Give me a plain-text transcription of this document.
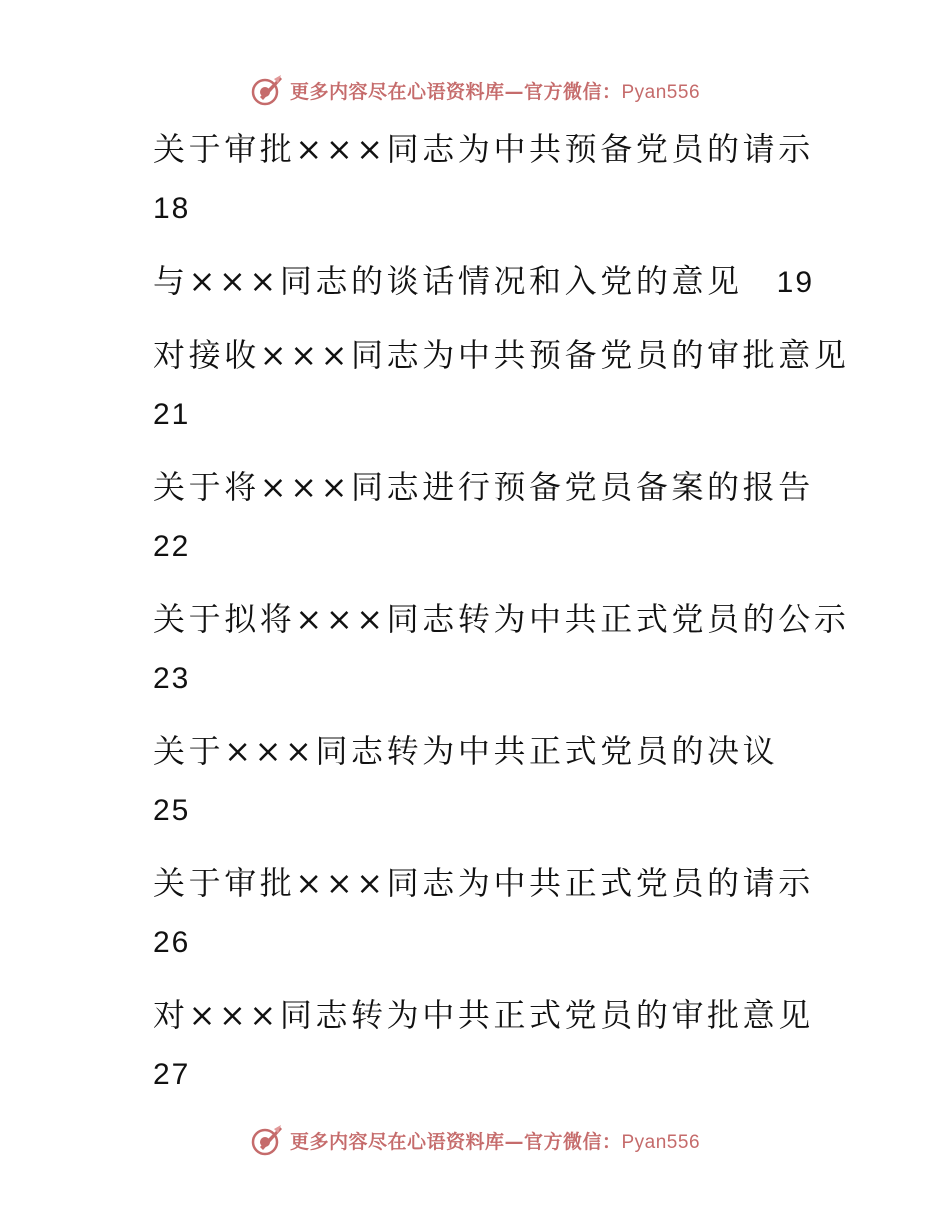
更多内容尽在心语资料库—官方微信：Pyan556
关于审批×××同志为中共预备党员的请示
18
与×××同志的谈话情况和入党的意见 19
对接收×××同志为中共预备党员的审批意见
21
关于将×××同志进行预备党员备案的报告
22
关于拟将×××同志转为中共正式党员的公示
23
关于×××同志转为中共正式党员的决议
25
关于审批×××同志为中共正式党员的请示
26
对×××同志转为中共正式党员的审批意见
27
更多内容尽在心语资料库—官方微信：Pyan556
